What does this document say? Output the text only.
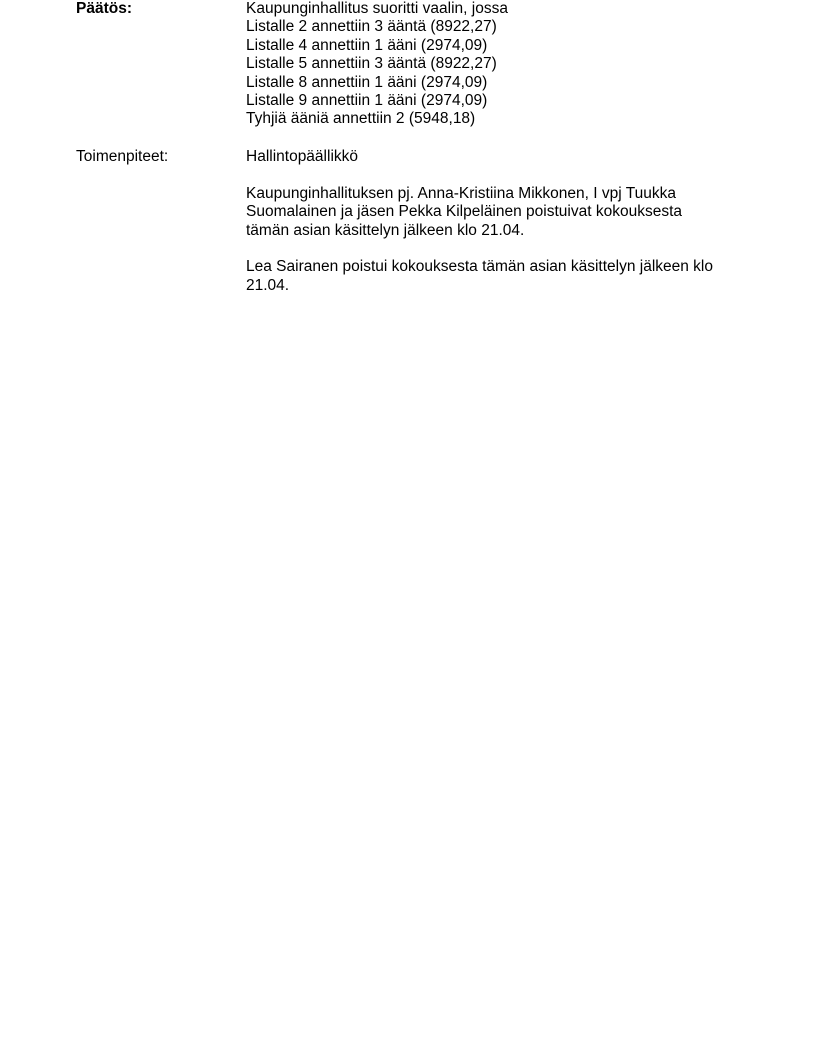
Päätös:	Kaupunginhallitus suoritti vaalin, jossa
Listalle 2 annettiin 3 ääntä (8922,27)
Listalle 4 annettiin 1 ääni (2974,09)
Listalle 5 annettiin 3 ääntä (8922,27)
Listalle 8 annettiin 1 ääni (2974,09)
Listalle 9 annettiin 1 ääni (2974,09)
Tyhjiä ääniä annettiin 2 (5948,18)
Toimenpiteet:	Hallintopäällikkö
Kaupunginhallituksen pj. Anna-Kristiina Mikkonen, I vpj Tuukka
Suomalainen ja jäsen Pekka Kilpeläinen poistuivat kokouksesta
tämän asian käsittelyn jälkeen klo 21.04.
Lea Sairanen poistui kokouksesta tämän asian käsittelyn jälkeen klo
21.04.
